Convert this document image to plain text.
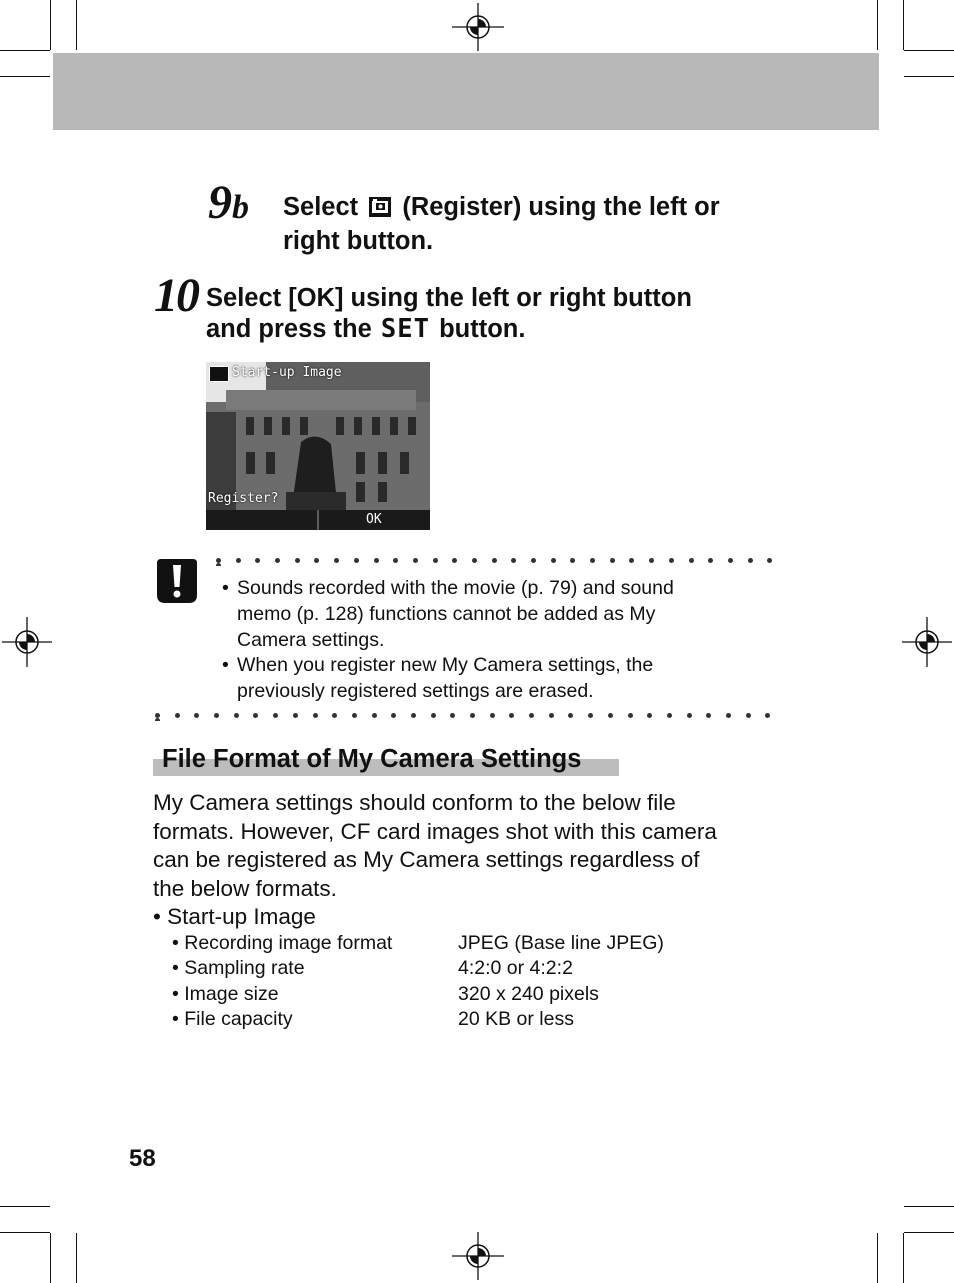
9b Select (Register) using the left or
right button.
10 Select [OK] using the left or right button
and press the SET button.
Start-up Image
Register?
OK
• Sounds recorded with the movie (p. 79) and sound
memo (p. 128) functions cannot be added as My
Camera settings.
• When you register new My Camera settings, the
previously registered settings are erased.
File Format of My Camera Settings
My Camera settings should conform to the below file
formats. However, CF card images shot with this camera
can be registered as My Camera settings regardless of
the below formats.
• Start-up Image
• Recording image format	JPEG (Base line JPEG)
• Sampling rate	4:2:0 or 4:2:2
• Image size	320 x 240 pixels
• File capacity	20 KB or less
58
